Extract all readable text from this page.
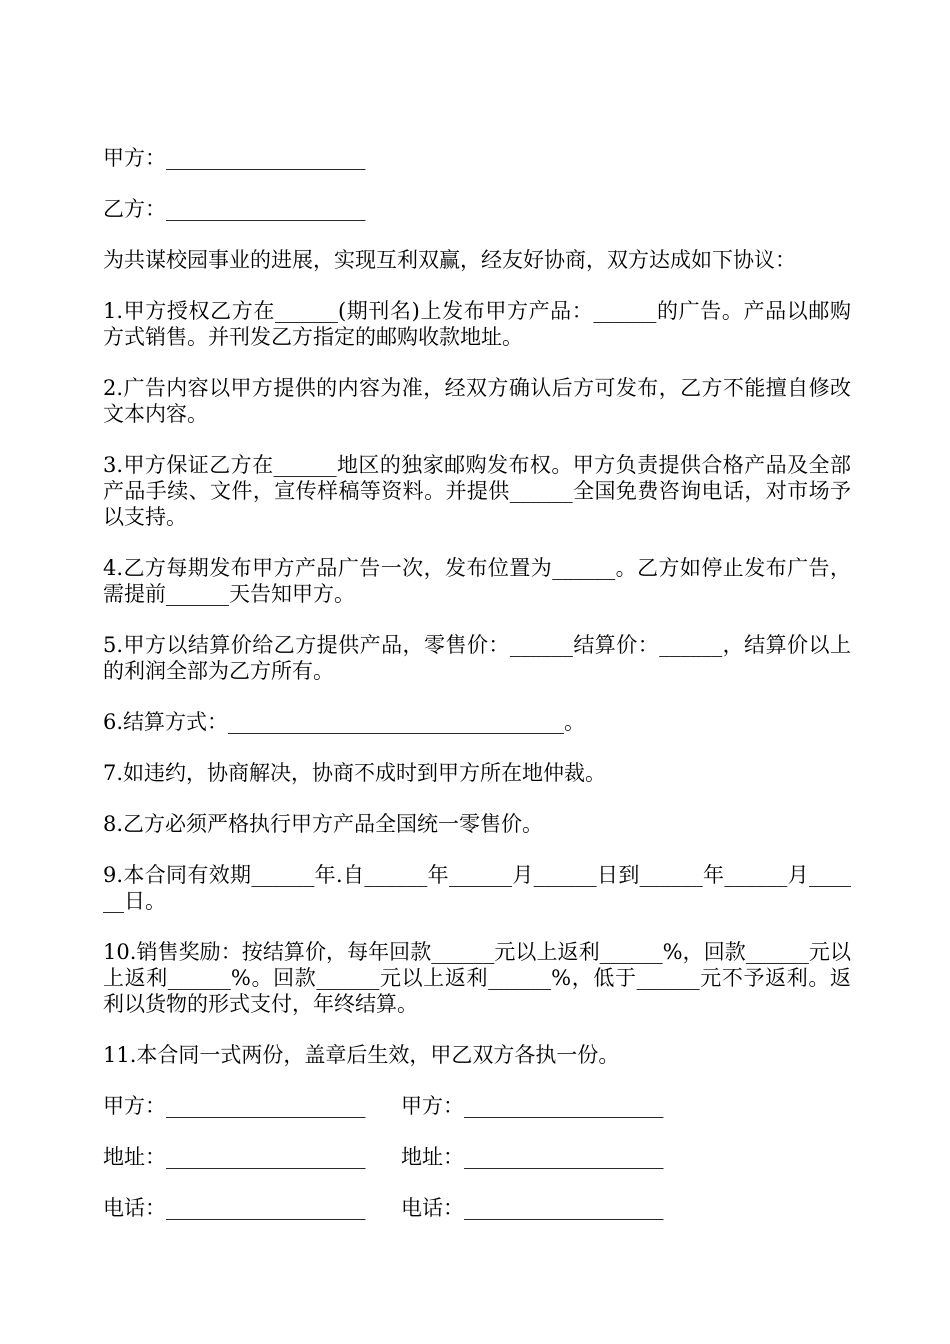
甲方：___________________

乙方：___________________

为共谋校园事业的进展，实现互利双赢，经友好协商，双方达成如下协议：

1.甲方授权乙方在______(期刊名)上发布甲方产品：______的广告。产品以邮购方式销售。并刊发乙方指定的邮购收款地址。

2.广告内容以甲方提供的内容为准，经双方确认后方可发布，乙方不能擅自修改文本内容。

3.甲方保证乙方在______地区的独家邮购发布权。甲方负责提供合格产品及全部产品手续、文件，宣传样稿等资料。并提供______全国免费咨询电话，对市场予以支持。

4.乙方每期发布甲方产品广告一次，发布位置为______。乙方如停止发布广告，需提前______天告知甲方。

5.甲方以结算价给乙方提供产品，零售价：______结算价：______，结算价以上的利润全部为乙方所有。

6.结算方式：________________________________。

7.如违约，协商解决，协商不成时到甲方所在地仲裁。

8.乙方必须严格执行甲方产品全国统一零售价。

9.本合同有效期______年.自______年______月______日到______年______月______日。

10.销售奖励：按结算价，每年回款______元以上返利______%，回款______元以上返利______%。回款______元以上返利______%，低于______元不予返利。返利以货物的形式支付，年终结算。

11.本合同一式两份，盖章后生效，甲乙双方各执一份。

甲方：___________________	甲方：___________________
地址：___________________	地址：___________________
电话：___________________	电话：___________________
